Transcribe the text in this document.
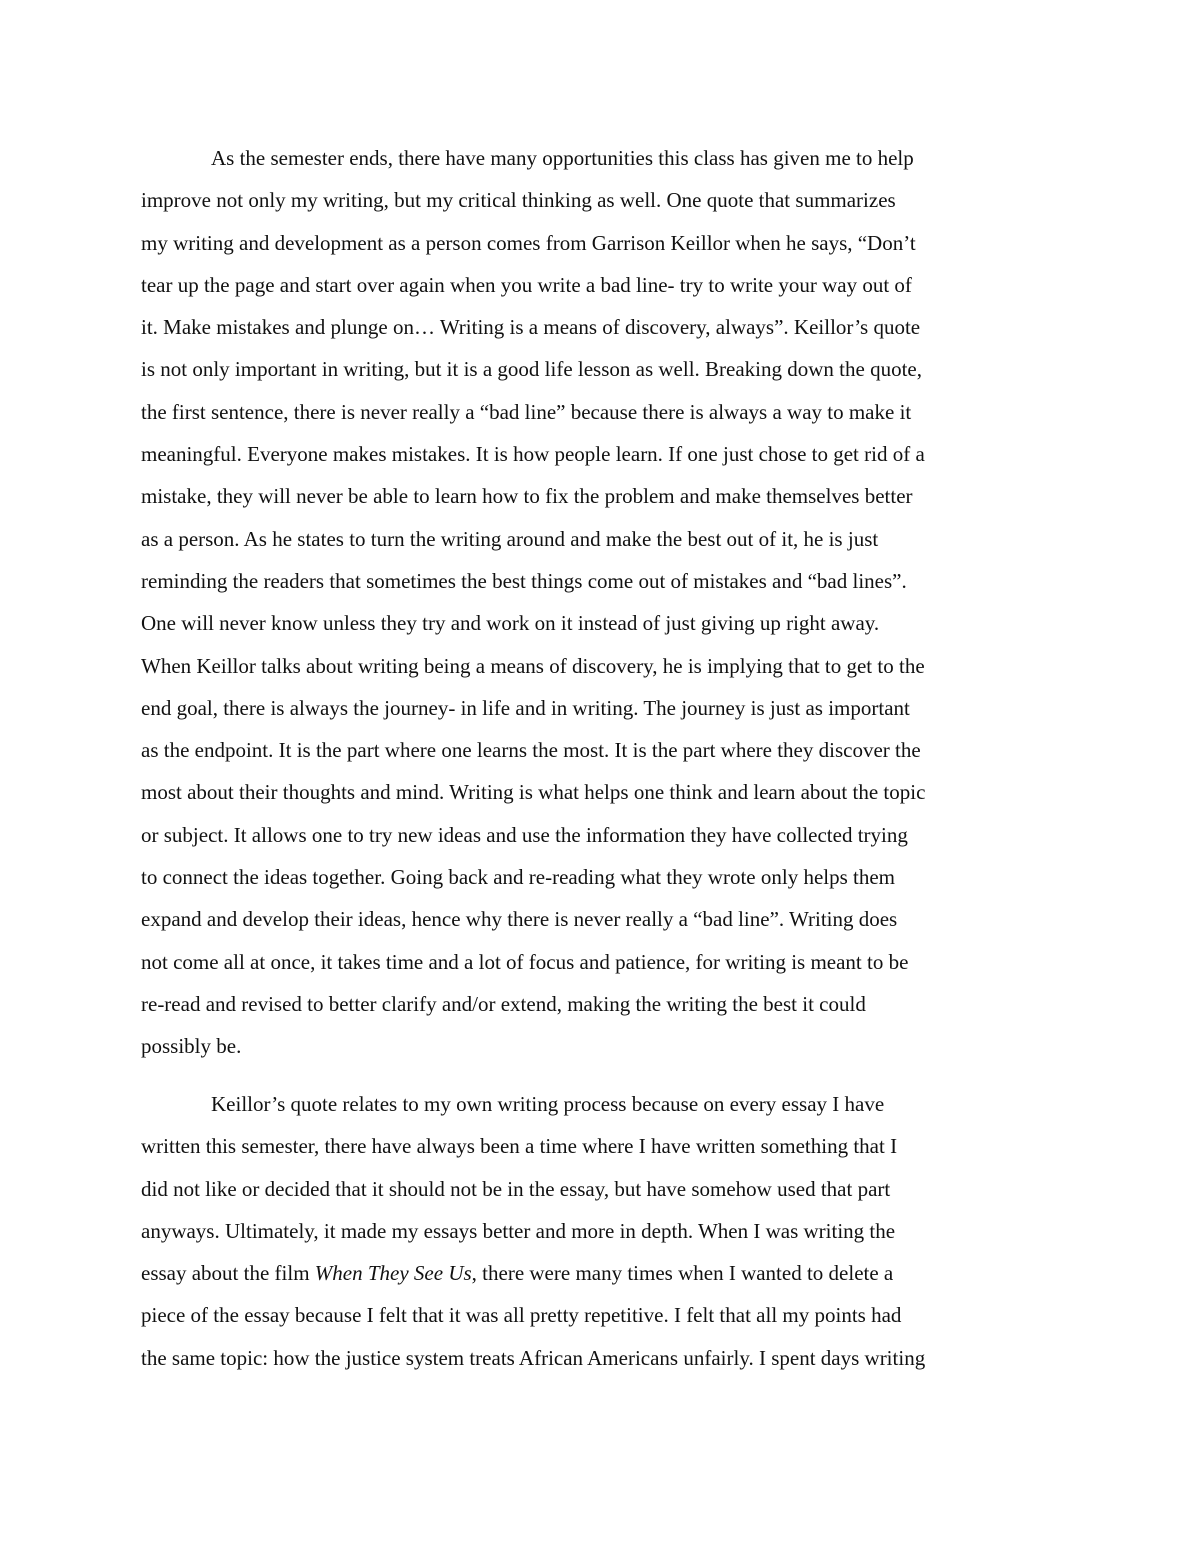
As the semester ends, there have many opportunities this class has given me to help
improve not only my writing, but my critical thinking as well. One quote that summarizes
my writing and development as a person comes from Garrison Keillor when he says, “Don’t
tear up the page and start over again when you write a bad line- try to write your way out of
it. Make mistakes and plunge on… Writing is a means of discovery, always”. Keillor’s quote
is not only important in writing, but it is a good life lesson as well. Breaking down the quote,
the first sentence, there is never really a “bad line” because there is always a way to make it
meaningful. Everyone makes mistakes. It is how people learn. If one just chose to get rid of a
mistake, they will never be able to learn how to fix the problem and make themselves better
as a person. As he states to turn the writing around and make the best out of it, he is just
reminding the readers that sometimes the best things come out of mistakes and “bad lines”.
One will never know unless they try and work on it instead of just giving up right away.
When Keillor talks about writing being a means of discovery, he is implying that to get to the
end goal, there is always the journey- in life and in writing. The journey is just as important
as the endpoint. It is the part where one learns the most. It is the part where they discover the
most about their thoughts and mind. Writing is what helps one think and learn about the topic
or subject. It allows one to try new ideas and use the information they have collected trying
to connect the ideas together. Going back and re-reading what they wrote only helps them
expand and develop their ideas, hence why there is never really a “bad line”. Writing does
not come all at once, it takes time and a lot of focus and patience, for writing is meant to be
re-read and revised to better clarify and/or extend, making the writing the best it could
possibly be.
Keillor’s quote relates to my own writing process because on every essay I have
written this semester, there have always been a time where I have written something that I
did not like or decided that it should not be in the essay, but have somehow used that part
anyways. Ultimately, it made my essays better and more in depth. When I was writing the
essay about the film When They See Us, there were many times when I wanted to delete a
piece of the essay because I felt that it was all pretty repetitive. I felt that all my points had
the same topic: how the justice system treats African Americans unfairly. I spent days writing
